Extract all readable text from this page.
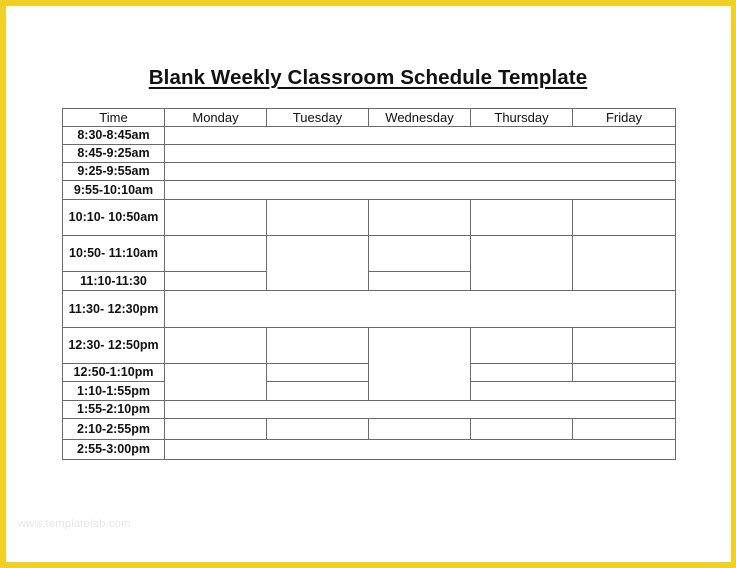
Blank Weekly Classroom Schedule Template
Time	Monday	Tuesday	Wednesday	Thursday	Friday
8:30-8:45am					
8:45-9:25am					
9:25-9:55am					
9:55-10:10am					
10:10- 10:50am					
10:50- 11:10am					
11:10-11:30					
11:30- 12:30pm					
12:30- 12:50pm					
12:50-1:10pm					
1:10-1:55pm					
1:55-2:10pm					
2:10-2:55pm					
2:55-3:00pm					
www.templatelab.com
